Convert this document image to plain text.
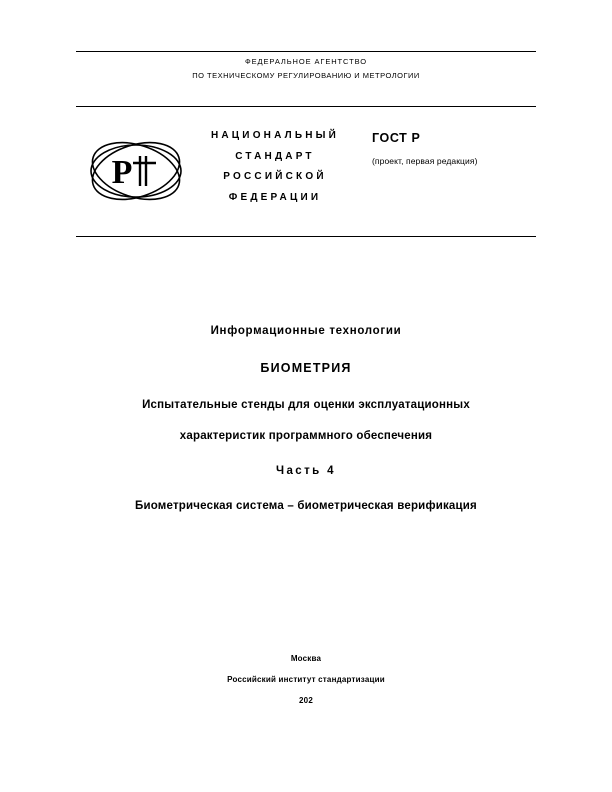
ФЕДЕРАЛЬНОЕ АГЕНТСТВО
ПО ТЕХНИЧЕСКОМУ РЕГУЛИРОВАНИЮ И МЕТРОЛОГИИ
Р
НАЦИОНАЛЬНЫЙ
СТАНДАРТ
РОССИЙСКОЙ
ФЕДЕРАЦИИ
ГОСТ Р
(проект, первая редакция)
Информационные технологии
БИОМЕТРИЯ
Испытательные стенды для оценки эксплуатационных
характеристик программного обеспечения
Часть 4
Биометрическая система – биометрическая верификация
Москва
Российский институт стандартизации
202
